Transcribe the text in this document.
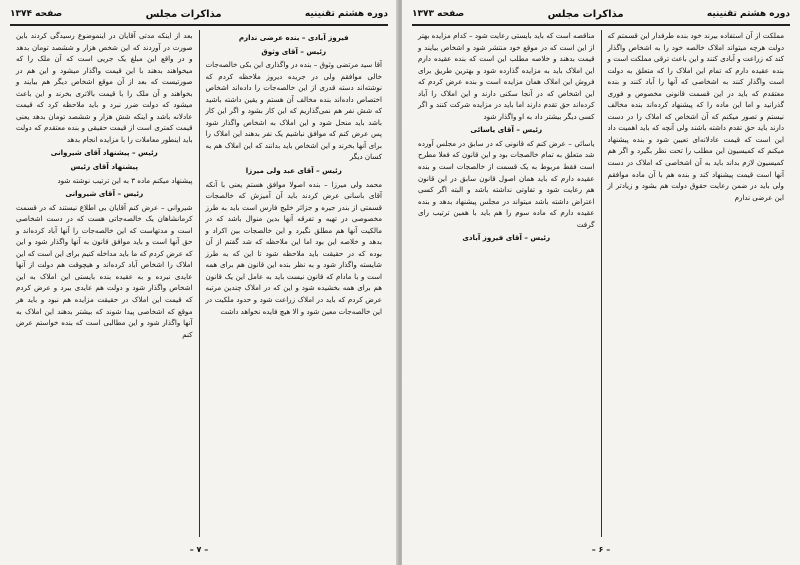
دوره هشتم تقنینیه
مذاکرات مجلس
صفحه ۱۳۷۴
فیروز آبادی – بنده عرضی ندارم
رئیس – آقای وثوق

آقا سید مرتضی وثوق – بنده در واگذاری این بکی خالصه‌جات خالی موافقم ولی در جریده دیروز ملاحظه کردم که نوشته‌اند دسته قدری از این خالصه‌جات را داده‌اند اشخاص اختصاص داده‌اند بنده مخالف آن هستم و یقین داشته باشید که شش نفر هم نمی‌گذاریم که این کار بشود و اگر این کار باشد باید منحل شود و این املاک به اشخاص واگذار شود پس عرض کنم که موافق نباشیم یک نفر بدهند این املاک را برای آنها بخرند و این اشخاص باید بدانند که این املاک هم به کسان دیگر

رئیس – آقای عبد ولی میرزا

محمد ولی میرزا – بنده اصولا موافق هستم یعنی با آنکه آقای باسانی عرض کردند باید آن آمیزش که خالصجات قسمتی از بندر جیره و جزائر خلیج فارس است باید به طرز مخصوصی در تهیه و تفرقه آنها بدین منوال باشد که در مالکیت آنها هم مطلق نگیرد و این خالصجات بین اکراد و بدهد و خلاصه این بود اما این ملاحظه که شد گفتم از آن بوده که در حقیقت باید ملاحظه شود تا این که به طرز شایسته واگذار شود و به نظر بنده این قانون هم برای همه است و با مادام که قانون نیست باید به عامل این یک قانون هم برای همه بخشیده شود و این که در املاک چندین مرتبه عرض کردم که باید در املاک زراعت شود و حدود ملکیت در این خالصه‌جات معین شود و الا هیچ فایده نخواهد داشت

بعد از اینکه مدتی آقایان در اینموضوع رسیدگی کردند باین صورت در آوردند که این شخص هزار و ششصد تومان بدهد و در واقع این مبلغ یک جریی است که آن ملک را که میخواهند بدهند با این قیمت واگذار میشود و این هم در صورتیست که بعد از آن موقع اشخاص دیگر هم بیایند و بخواهند و آن ملک را با قیمت بالاتری بخرند و این باعث میشود که دولت ضرر نبرد و باید ملاحظه کرد که قیمت عادلانه باشد و اینکه شش هزار و ششصد تومان بدهد یعنی قیمت کمتری است از قیمت حقیقی و بنده معتقدم که دولت باید اینطور معاملات را با مزایده انجام بدهد

رئیس – پیشنهاد آقای شیروانی
پیشنهاد آقای رئیس

پیشنهاد میکنم ماده ۳ به این ترتیب نوشته شود

رئیس – آقای شیروانی

شیروانی – عرض کنم آقایان بی اطلاع نیستند که در قسمت کرمانشاهان یک خالصه‌جاتی هست که در دست اشخاصی است و مدتهاست که این خالصه‌جات را آنها آباد کرده‌اند و حق آنها است و باید موافق قانون به آنها واگذار شود و این که عرض کردم که ما باید مداخله کنیم برای این است که این املاک را اشخاص آباد کرده‌اند و هیچوقت هم دولت از آنها عایدی نبرده و به عقیده بنده بایستی این املاک به این اشخاص واگذار شود و دولت هم عایدی ببرد و عرض کردم که قیمت این املاک در حقیقت مزایده هم نبود و باید هر موقع که اشخاصی پیدا شوند که بیشتر بدهند این املاک به آنها واگذار شود و این مطالبی است که بنده خواستم عرض کنم

– ۷ –
دوره هشتم تقنینیه
مذاکرات مجلس
صفحه ۱۳۷۳

مملکت از آن استفاده بیرند خود بنده طرفدار این قسمتم که دولت هرچه میتواند املاک خالصه خود را به اشخاص واگذار کند که زراعت و آبادی کنند و این باعث ترقی مملکت است و بنده عقیده دارم که تمام این املاک را که متعلق به دولت است واگذار کنند به اشخاصی که آنها را آباد کنند و بنده معتقدم که باید در این قسمت قانونی مخصوص و فوری گذرانید و اما این ماده را که پیشنهاد کرده‌اند بنده مخالف نیستم و تصور میکنم که آن اشخاص که املاک را در دست دارند باید حق تقدم داشته باشند ولی آنچه که باید اهمیت داد این است که قیمت عادلانه‌ای تعیین شود و بنده پیشنهاد میکنم که کمیسیون این مطلب را تحت نظر بگیرد و اگر هم کمیسیون لازم بداند باید به آن اشخاصی که املاک در دست آنها است قیمت پیشنهاد کند و بنده هم با آن ماده موافقم ولی باید در ضمن رعایت حقوق دولت هم بشود و زیادتر از این عرضی ندارم

مناقصه است که باید بایستی رعایت شود – کدام مزایده بهتر از این است که در موقع خود منتشر شود و اشخاص بیایند و قیمت بدهند و خلاصه مطلب این است که بنده عقیده دارم این املاک باید به مزایده گذارده شود و بهترین طریق برای فروش این املاک همان مزایده است و بنده عرض کردم که این اشخاص که در آنجا سکنی دارند و این املاک را آباد کرده‌اند حق تقدم دارند اما باید در مزایده شرکت کنند و اگر کسی دیگر بیشتر داد به او واگذار شود

رئیس – آقای یاسائی

یاسائی – عرض کنم که قانونی که در سابق در مجلس آورده شد متعلق به تمام خالصجات بود و این قانون که فعلا مطرح است فقط مربوط به یک قسمت از خالصجات است و بنده عقیده دارم که باید همان اصول قانون سابق در این قانون هم رعایت شود و تفاوتی نداشته باشد و البته اگر کسی اعتراض داشته باشد میتواند در مجلس پیشنهاد بدهد و بنده عقیده دارم که ماده سوم را هم باید با همین ترتیب رای گرفت

رئیس – آقای فیروز آبادی
– ۶ –
